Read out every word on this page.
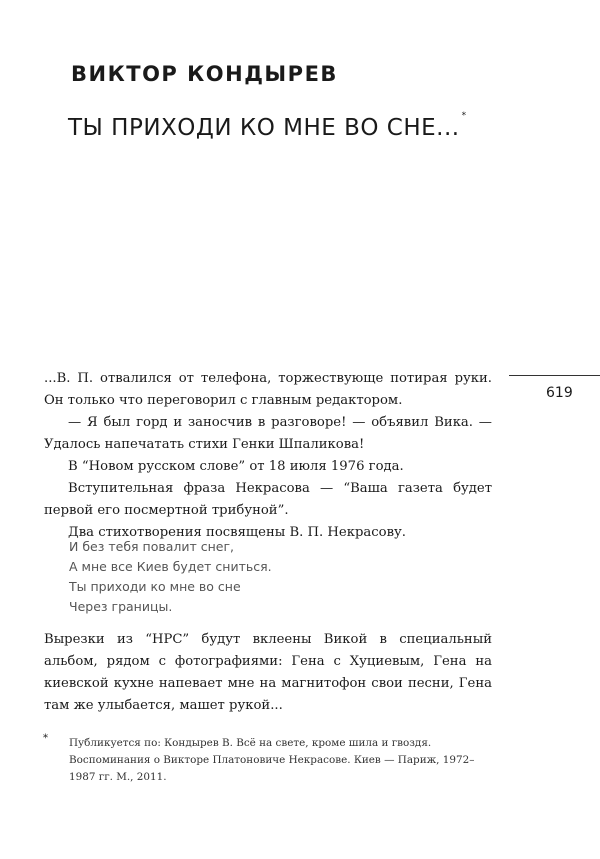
ВИКТОР КОНДЫРЕВ
ТЫ ПРИХОДИ КО МНЕ ВО СНЕ... *
619

...В. П. отвалился от телефона, торжествующе потирая руки. Он только что переговорил с главным редактором.

— Я был горд и заносчив в разговоре! — объявил Вика. — Удалось напечатать стихи Генки Шпаликова!

В “Новом русском слове” от 18 июля 1976 года.

Вступительная фраза Некрасова — “Ваша газета будет первой его посмертной трибуной”.

Два стихотворения посвящены В. П. Некрасову.

И без тебя повалит снег,
А мне все Киев будет сниться.
Ты приходи ко мне во сне
Через границы.

Вырезки из “НРС” будут вклеены Викой в специальный альбом, рядом с фотографиями: Гена с Хуциевым, Гена на киевской кухне напевает мне на магнитофон свои песни, Гена там же улыбается, машет рукой...

* Публикуется по: Кондырев В. Всё на свете, кроме шила и гвоздя. Воспоминания о Викторе Платоновиче Некрасове. Киев — Париж, 1972–1987 гг. М., 2011.
